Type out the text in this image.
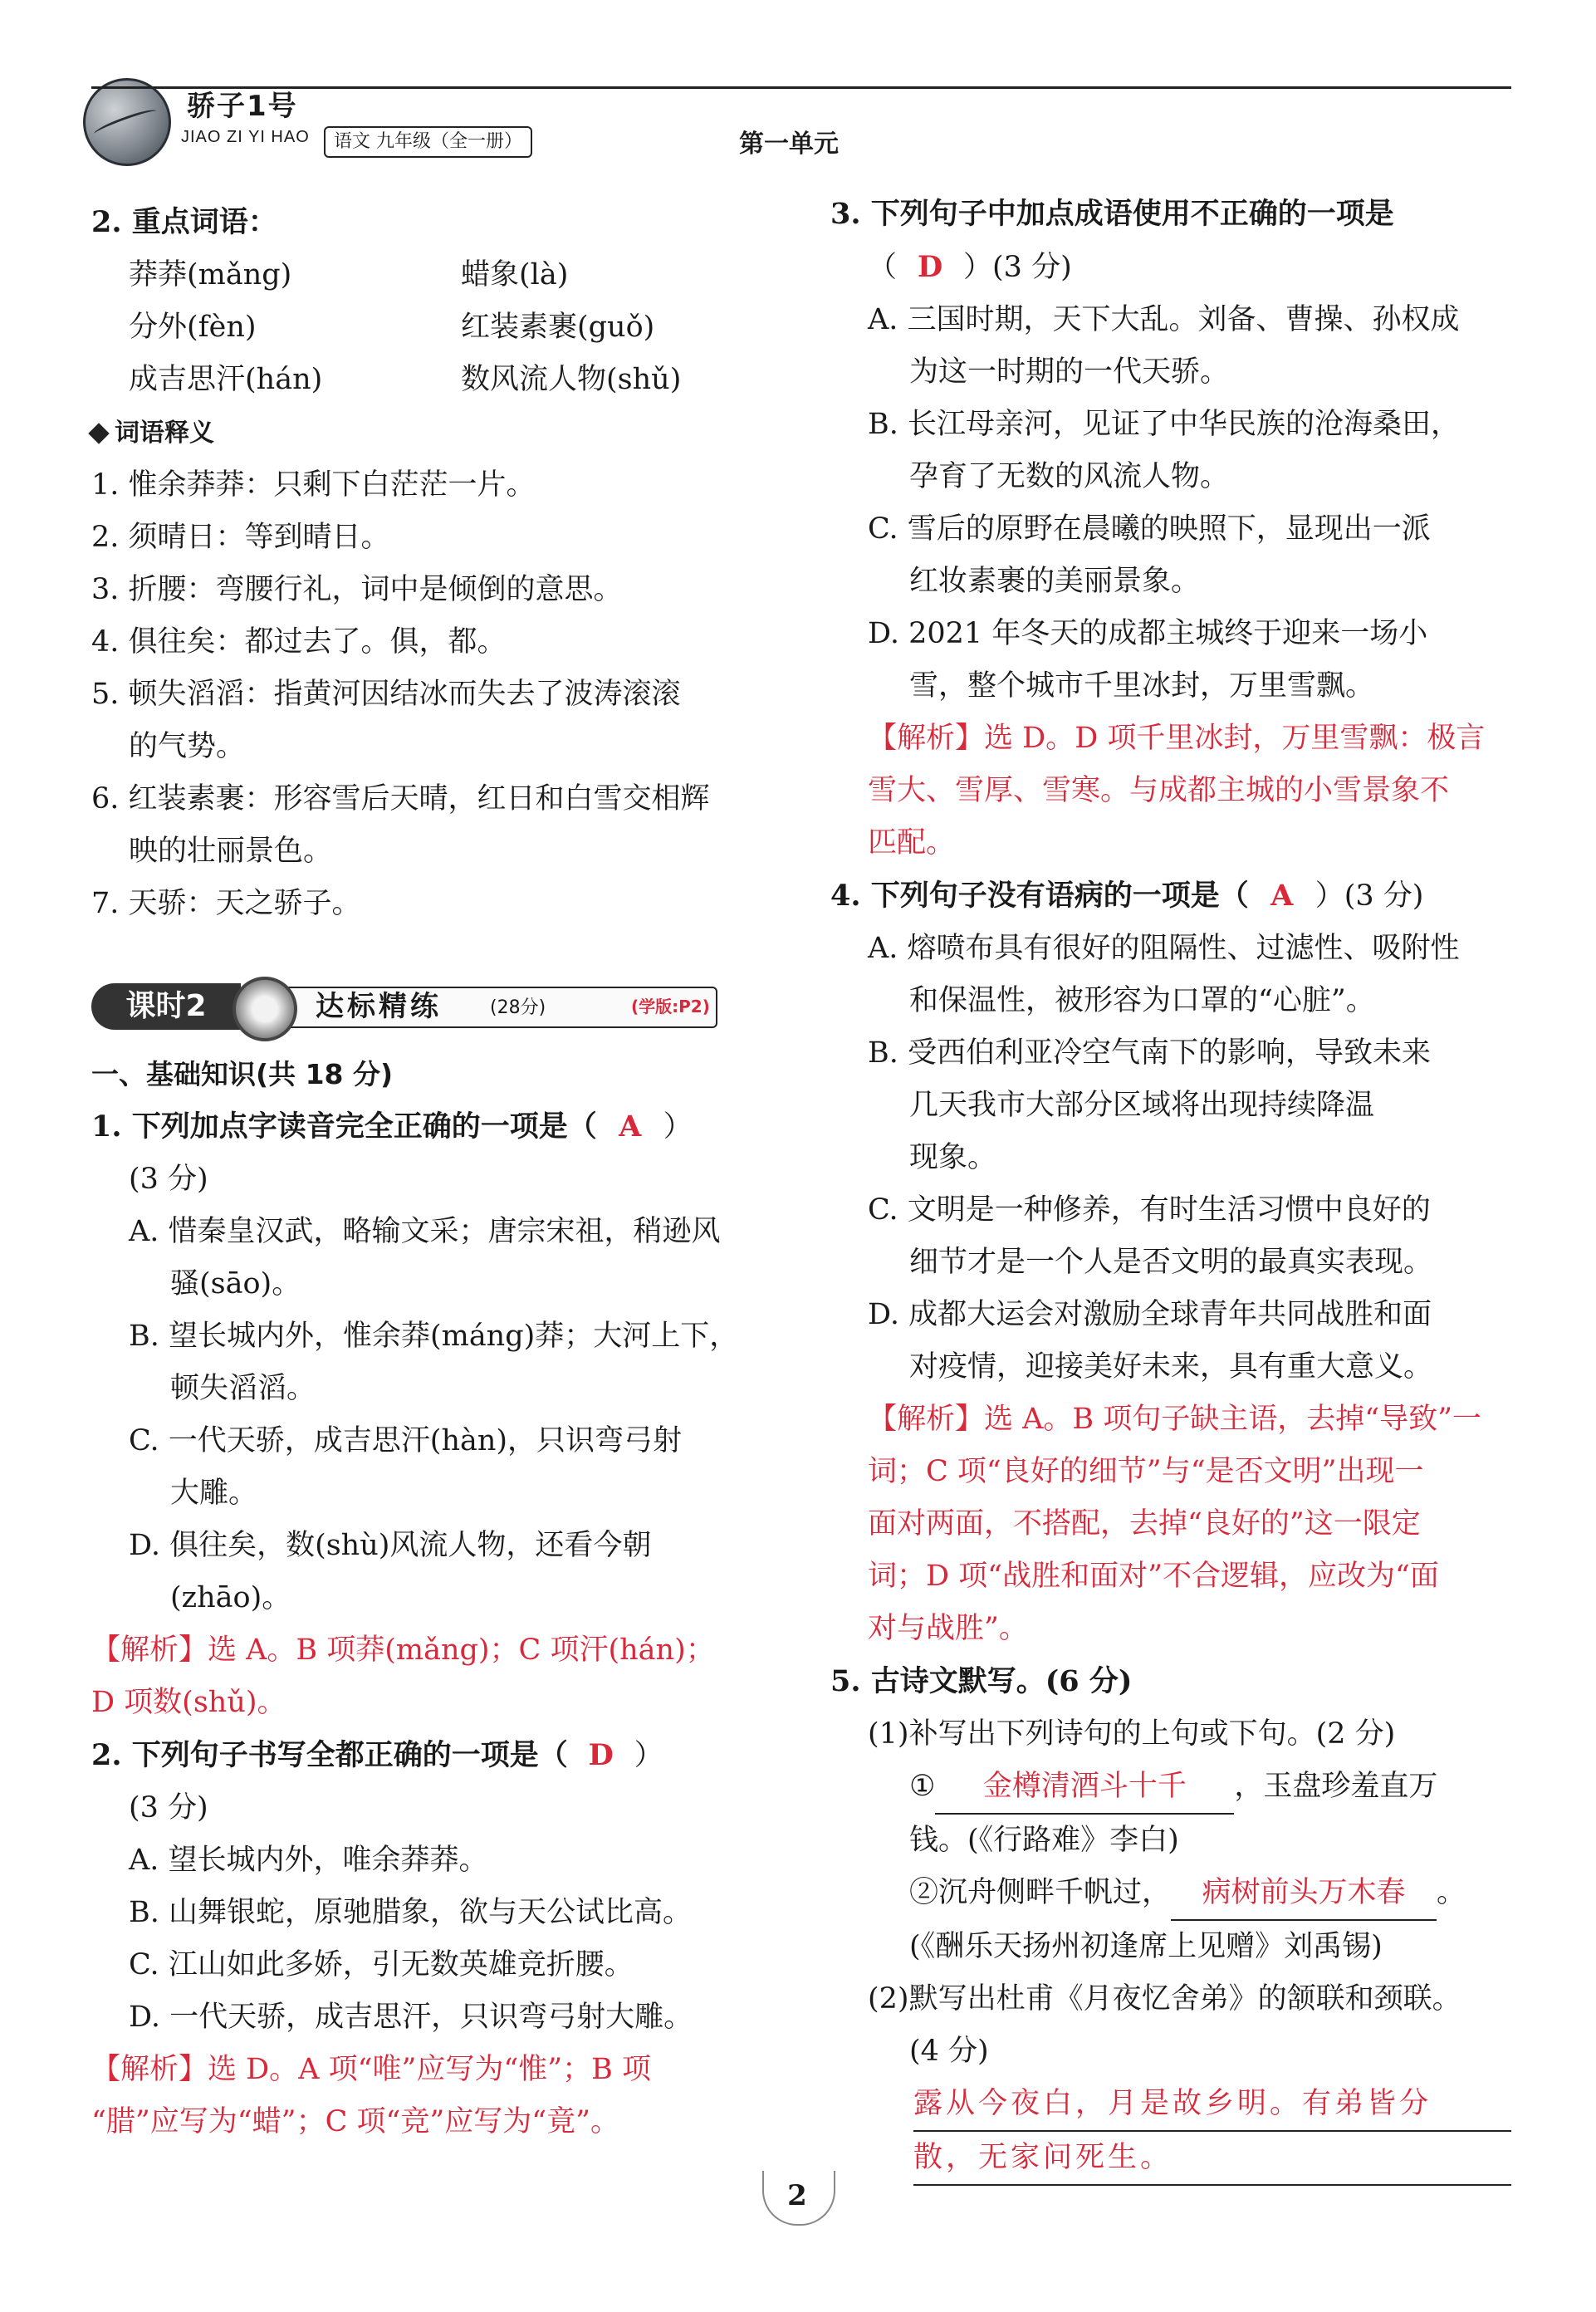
骄子1号
JIAO ZI YI HAO	语文 九年级（全一册）	第一单元
2. 重点词语：
莽莽(mǎng)	蜡象(là)
分外(fèn)	红装素裹(guǒ)
成吉思汗(hán)	数风流人物(shǔ)
词语释义
1. 惟余莽莽：只剩下白茫茫一片。
2. 须晴日：等到晴日。
3. 折腰：弯腰行礼，词中是倾倒的意思。
4. 俱往矣：都过去了。俱，都。
5. 顿失滔滔：指黄河因结冰而失去了波涛滚滚
的气势。
6. 红装素裹：形容雪后天晴，红日和白雪交相辉
映的壮丽景色。
7. 天骄：天之骄子。
课时2	达标精练	(28分)	(学版:P2)
一、基础知识(共 18 分)
1. 下列加点字读音完全正确的一项是（ A ）
(3 分)
A. 惜秦皇汉武，略输文采；唐宗宋祖，稍逊风
骚(sāo)。
B. 望长城内外，惟余莽(máng)莽；大河上下，
顿失滔滔。
C. 一代天骄，成吉思汗(hàn)，只识弯弓射
大雕。
D. 俱往矣，数(shù)风流人物，还看今朝
(zhāo)。
【解析】选 A。B 项莽(mǎng)；C 项汗(hán)；
D 项数(shǔ)。
2. 下列句子书写全都正确的一项是（ D ）
(3 分)
A. 望长城内外，唯余莽莽。
B. 山舞银蛇，原驰腊象，欲与天公试比高。
C. 江山如此多娇，引无数英雄竞折腰。
D. 一代天骄，成吉思汗，只识弯弓射大雕。
【解析】选 D。A 项“唯”应写为“惟”；B 项
“腊”应写为“蜡”；C 项“竞”应写为“竟”。
3. 下列句子中加点成语使用不正确的一项是
（ D ）(3 分)
A. 三国时期，天下大乱。刘备、曹操、孙权成
为这一时期的一代天骄。
B. 长江母亲河，见证了中华民族的沧海桑田，
孕育了无数的风流人物。
C. 雪后的原野在晨曦的映照下，显现出一派
红妆素裹的美丽景象。
D. 2021 年冬天的成都主城终于迎来一场小
雪，整个城市千里冰封，万里雪飘。
【解析】选 D。D 项千里冰封，万里雪飘：极言
雪大、雪厚、雪寒。与成都主城的小雪景象不
匹配。
4. 下列句子没有语病的一项是（ A ）(3 分)
A. 熔喷布具有很好的阻隔性、过滤性、吸附性
和保温性，被形容为口罩的“心脏”。
B. 受西伯利亚冷空气南下的影响，导致未来
几天我市大部分区域将出现持续降温
现象。
C. 文明是一种修养，有时生活习惯中良好的
细节才是一个人是否文明的最真实表现。
D. 成都大运会对激励全球青年共同战胜和面
对疫情，迎接美好未来，具有重大意义。
【解析】选 A。B 项句子缺主语，去掉“导致”一
词；C 项“良好的细节”与“是否文明”出现一
面对两面，不搭配，去掉“良好的”这一限定
词；D 项“战胜和面对”不合逻辑，应改为“面
对与战胜”。
5. 古诗文默写。(6 分)
(1)补写出下列诗句的上句或下句。(2 分)
① 金樽清酒斗十千 ，玉盘珍羞直万
钱。(《行路难》李白)
②沉舟侧畔千帆过， 病树前头万木春 。
(《酬乐天扬州初逢席上见赠》刘禹锡)
(2)默写出杜甫《月夜忆舍弟》的颔联和颈联。
(4 分)
露从今夜白，月是故乡明。有弟皆分
散，无家问死生。
2
